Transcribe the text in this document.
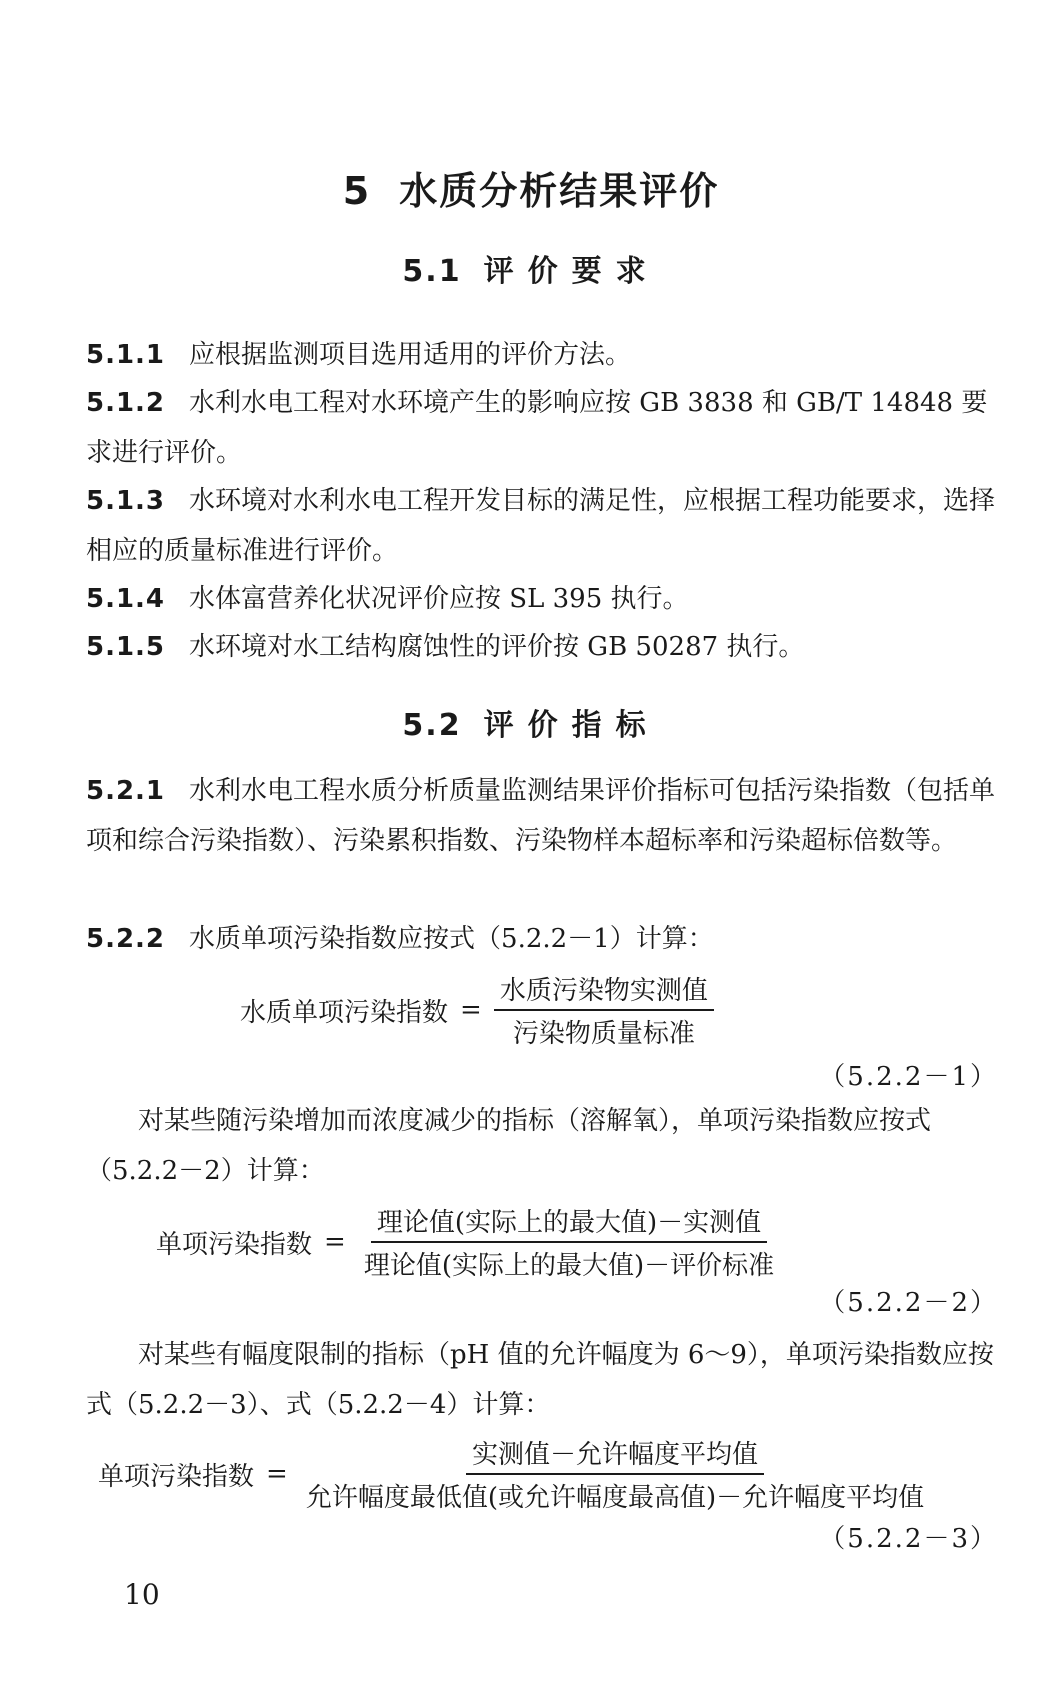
5 水质分析结果评价
5.1 评价要求

5.1.1 应根据监测项目选用适用的评价方法。

5.1.2 水利水电工程对水环境产生的影响应按 GB 3838 和 GB/T 14848 要求进行评价。

5.1.3 水环境对水利水电工程开发目标的满足性，应根据工程功能要求，选择相应的质量标准进行评价。

5.1.4 水体富营养化状况评价应按 SL 395 执行。

5.1.5 水环境对水工结构腐蚀性的评价按 GB 50287 执行。

5.2 评价指标

5.2.1 水利水电工程水质分析质量监测结果评价指标可包括污染指数（包括单项和综合污染指数）、污染累积指数、污染物样本超标率和污染超标倍数等。

5.2.2 水质单项污染指数应按式（5.2.2－1）计算：

水质单项污染指数 = $\frac{\text{水质污染物实测值}}{\text{污染物质量标准}}$
（5.2.2－1）

对某些随污染增加而浓度减少的指标（溶解氧），单项污染指数应按式（5.2.2－2）计算：

单项污染指数 = $\frac{\text{理论值(实际上的最大值)－实测值}}{\text{理论值(实际上的最大值)－评价标准}}$
（5.2.2－2）

对某些有幅度限制的指标（pH 值的允许幅度为 6～9），单项污染指数应按式（5.2.2－3）、式（5.2.2－4）计算：

单项污染指数 = $\frac{\text{实测值－允许幅度平均值}}{\text{允许幅度最低值(或允许幅度最高值)－允许幅度平均值}}$
（5.2.2－3）
10
